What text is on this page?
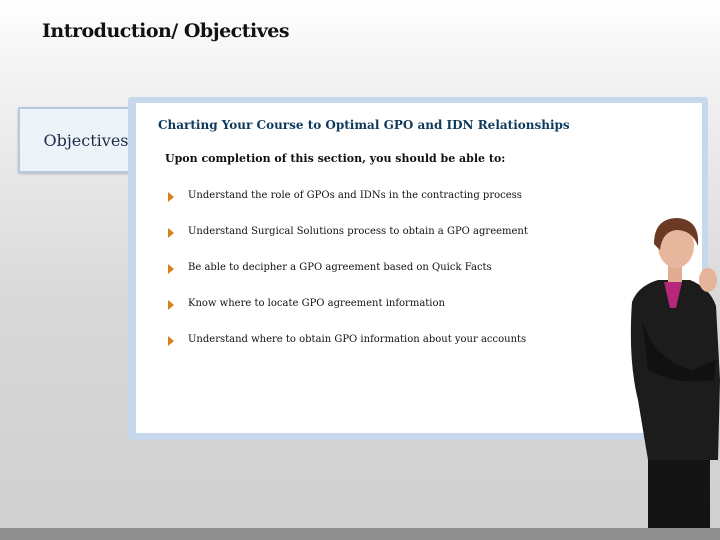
Introduction/ Objectives
Objectives
Charting Your Course to Optimal GPO and IDN Relationships
Upon completion of this section, you should be able to:
Understand the role of GPOs and IDNs in the contracting process
Understand Surgical Solutions process to obtain a GPO agreement
Be able to decipher a GPO agreement based on Quick Facts
Know where to locate GPO agreement information
Understand where to obtain GPO information about your accounts
